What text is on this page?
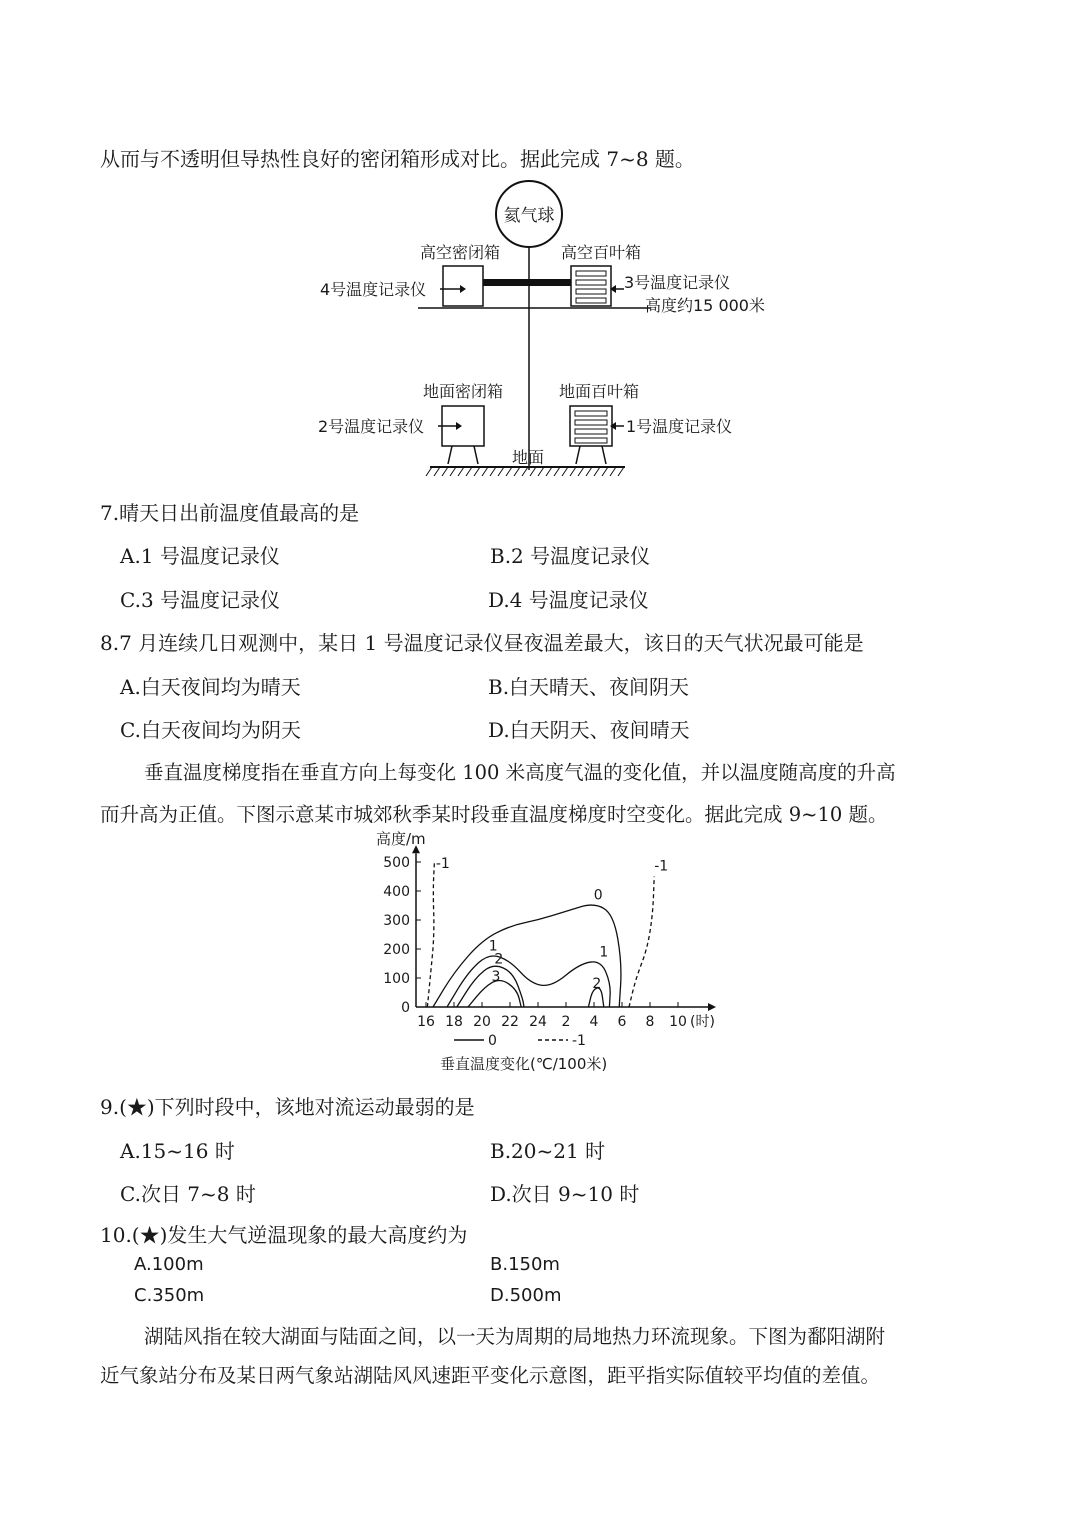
从而与不透明但导热性良好的密闭箱形成对比。据此完成 7~8 题。
氦气球
高空密闭箱	高空百叶箱
4号温度记录仪	3号温度记录仪
高度约15 000米
地面密闭箱	地面百叶箱
2号温度记录仪	1号温度记录仪
地面
7.晴天日出前温度值最高的是
A.1 号温度记录仪	B.2 号温度记录仪
C.3 号温度记录仪	D.4 号温度记录仪
8.7 月连续几日观测中，某日 1 号温度记录仪昼夜温差最大，该日的天气状况最可能是
A.白天夜间均为晴天	B.白天晴天、夜间阴天
C.白天夜间均为阴天	D.白天阴天、夜间晴天
垂直温度梯度指在垂直方向上每变化 100 米高度气温的变化值，并以温度随高度的升高
而升高为正值。下图示意某市城郊秋季某时段垂直温度梯度时空变化。据此完成 9~10 题。
高度/m
0
100
200
300
400
500
16 18 20 22 24 2 4 6 8 10 (时)
-1	-1
0
1
2
3
1
2
0	-1
垂直温度变化(℃/100米)
9.(★)下列时段中，该地对流运动最弱的是
A.15~16 时	B.20~21 时
C.次日 7~8 时	D.次日 9~10 时
10.(★)发生大气逆温现象的最大高度约为
A.100m	B.150m
C.350m	D.500m
湖陆风指在较大湖面与陆面之间，以一天为周期的局地热力环流现象。下图为鄱阳湖附
近气象站分布及某日两气象站湖陆风风速距平变化示意图，距平指实际值较平均值的差值。
